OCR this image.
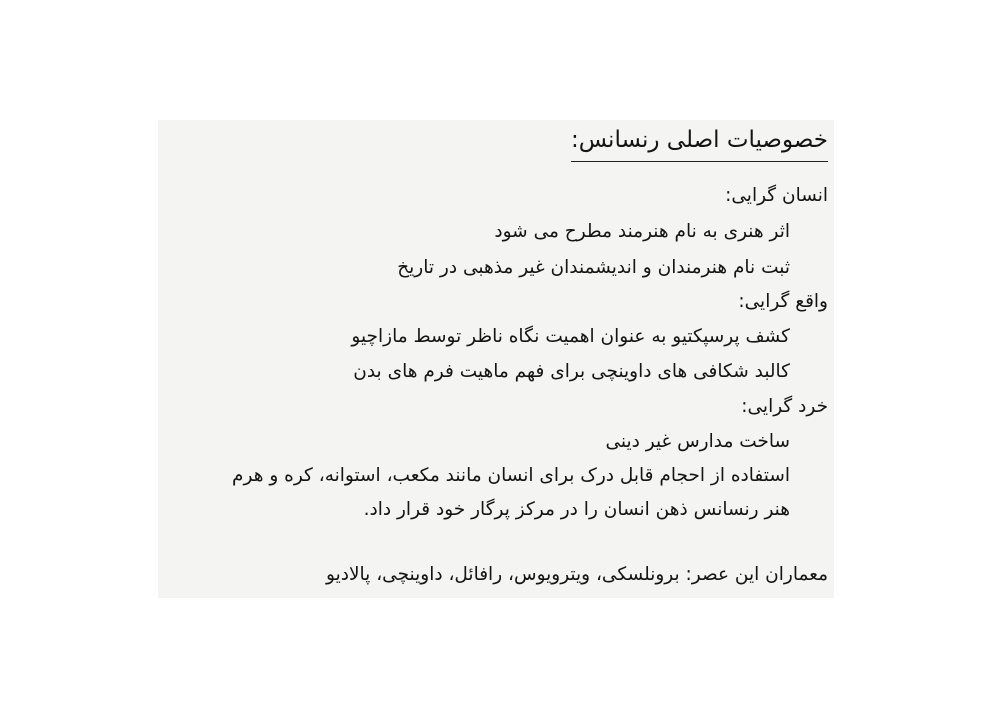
خصوصیات اصلی رنسانس:
انسان گرایی:
اثر هنری به نام هنرمند مطرح می شود
ثبت نام هنرمندان و اندیشمندان غیر مذهبی در تاریخ
واقع گرایی:
کشف پرسپکتیو به عنوان اهمیت نگاه ناظر توسط مازاچیو
کالبد شکافی های داوینچی برای فهم ماهیت فرم های بدن
خرد گرایی:
ساخت مدارس غیر دینی
استفاده از احجام قابل درک برای انسان مانند مکعب، استوانه، کره و هرم
هنر رنسانس ذهن انسان را در مرکز پرگار خود قرار داد.
معماران این عصر: برونلسکی، ویترویوس، رافائل، داوینچی، پالادیو
